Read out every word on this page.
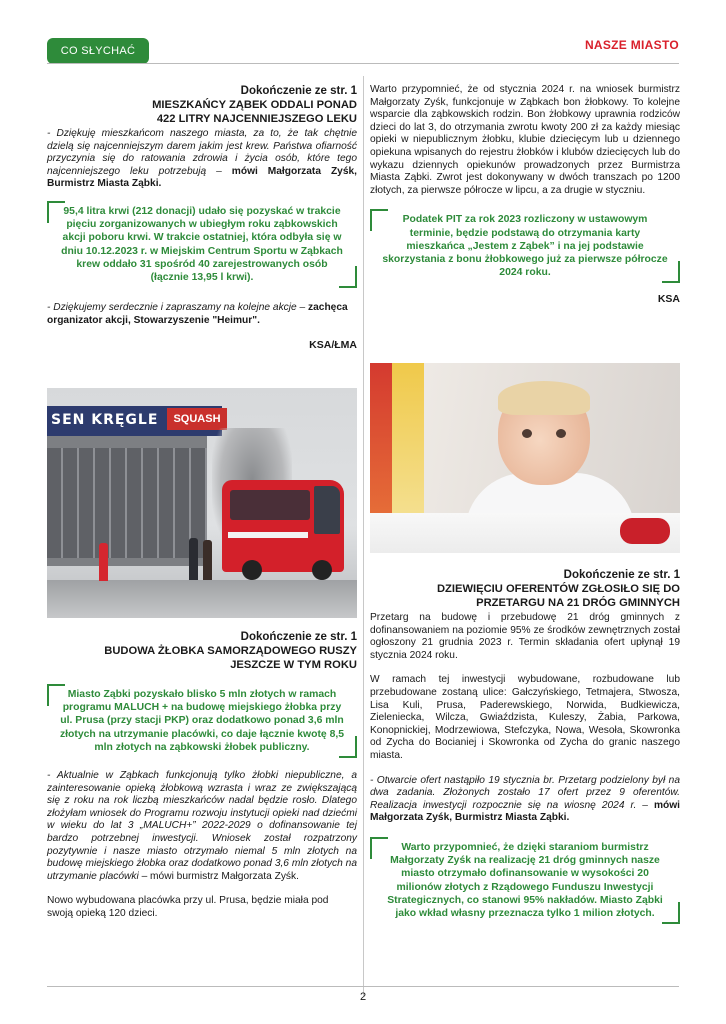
CO SŁYCHAĆ	NASZE MIASTO
Dokończenie ze str. 1
MIESZKAŃCY ZĄBEK ODDALI PONAD
422 LITRY NAJCENNIEJSZEGO LEKU

- Dziękuję mieszkańcom naszego miasta, za to, że tak chętnie dzielą się najcenniejszym darem jakim jest krew. Państwa ofiarność przyczynia się do ratowania zdrowia i życia osób, które tego najcenniejszego leku potrzebują – mówi Małgorzata Zyśk, Burmistrz Miasta Ząbki.

95,4 litra krwi (212 donacji) udało się pozyskać w trakcie pięciu zorganizowanych w ubiegłym roku ząbkowskich akcji poboru krwi. W trakcie ostatniej, która odbyła się w dniu 10.12.2023 r. w Miejskim Centrum Sportu w Ząbkach krew oddało 31 spośród 40 zarejestrowanych osób (łącznie 13,95 l krwi).

- Dziękujemy serdecznie i zapraszamy na kolejne akcje – zachęca organizator akcji, Stowarzyszenie "Heimur".

KSA/ŁMA
SEN KRĘGLE	SQUASH
Dokończenie ze str. 1
BUDOWA ŻŁOBKA SAMORZĄDOWEGO RUSZY
JESZCZE W TYM ROKU
Miasto Ząbki pozyskało blisko 5 mln złotych w ramach programu MALUCH + na budowę miejskiego żłobka przy ul. Prusa (przy stacji PKP) oraz dodatkowo ponad 3,6 mln złotych na utrzymanie placówki, co daje łącznie kwotę 8,5 mln złotych na ząbkowski żłobek publiczny.

- Aktualnie w Ząbkach funkcjonują tylko żłobki niepubliczne, a zainteresowanie opieką żłobkową wzrasta i wraz ze zwiększającą się z roku na rok liczbą mieszkańców nadal będzie rosło. Dlatego złożyłam wniosek do Programu rozwoju instytucji opieki nad dziećmi w wieku do lat 3 „MALUCH+” 2022-2029 o dofinansowanie tej bardzo potrzebnej inwestycji. Wniosek został rozpatrzony pozytywnie i nasze miasto otrzymało niemal 5 mln złotych na budowę miejskiego żłobka oraz dodatkowo ponad 3,6 mln złotych na utrzymanie placówki – mówi burmistrz Małgorzata Zyśk.

Nowo wybudowana placówka przy ul. Prusa, będzie miała pod swoją opieką 120 dzieci.

Warto przypomnieć, że od stycznia 2024 r. na wniosek burmistrz Małgorzaty Zyśk, funkcjonuje w Ząbkach bon żłobkowy. To kolejne wsparcie dla ząbkowskich rodzin. Bon żłobkowy uprawnia rodziców dzieci do lat 3, do otrzymania zwrotu kwoty 200 zł za każdy miesiąc opieki w niepublicznym żłobku, klubie dziecięcym lub u dziennego opiekuna wpisanych do rejestru żłobków i klubów dziecięcych lub do wykazu dziennych opiekunów prowadzonych przez Burmistrza Miasta Ząbki. Zwrot jest dokonywany w dwóch transzach po 1200 złotych, za pierwsze półrocze w lipcu, a za drugie w styczniu.

Podatek PIT za rok 2023 rozliczony w ustawowym terminie, będzie podstawą do otrzymania karty mieszkańca „Jestem z Ząbek” i na jej podstawie skorzystania z bonu żłobkowego już za pierwsze półrocze 2024 roku.
KSA
Dokończenie ze str. 1
DZIEWIĘCIU OFERENTÓW ZGŁOSIŁO SIĘ DO
PRZETARGU NA 21 DRÓG GMINNYCH

Przetarg na budowę i przebudowę 21 dróg gminnych z dofinansowaniem na poziomie 95% ze środków zewnętrznych został ogłoszony 21 grudnia 2023 r. Termin składania ofert upłynął 19 stycznia 2024 roku.

W ramach tej inwestycji wybudowane, rozbudowane lub przebudowane zostaną ulice: Gałczyńskiego, Tetmajera, Stwosza, Lisa Kuli, Prusa, Paderewskiego, Norwida, Budkiewicza, Zielenieckа, Wilcza, Gwiaździsta, Kuleszy, Żabia, Parkowa, Konopnickiej, Modrzewiowa, Stefczyka, Nowa, Wesoła, Skowronka od Zycha do Bocianiej i Skowronka od Zycha do granic naszego miasta.

- Otwarcie ofert nastąpiło 19 stycznia br. Przetarg podzielony był na dwa zadania. Złożonych zostało 17 ofert przez 9 oferentów. Realizacja inwestycji rozpocznie się na wiosnę 2024 r. – mówi Małgorzata Zyśk, Burmistrz Miasta Ząbki.

Warto przypomnieć, że dzięki staraniom burmistrz Małgorzaty Zyśk na realizację 21 dróg gminnych nasze miasto otrzymało dofinansowanie w wysokości 20 milionów złotych z Rządowego Funduszu Inwestycji Strategicznych, co stanowi 95% nakładów. Miasto Ząbki jako wkład własny przeznacza tylko 1 milion złotych.
2
